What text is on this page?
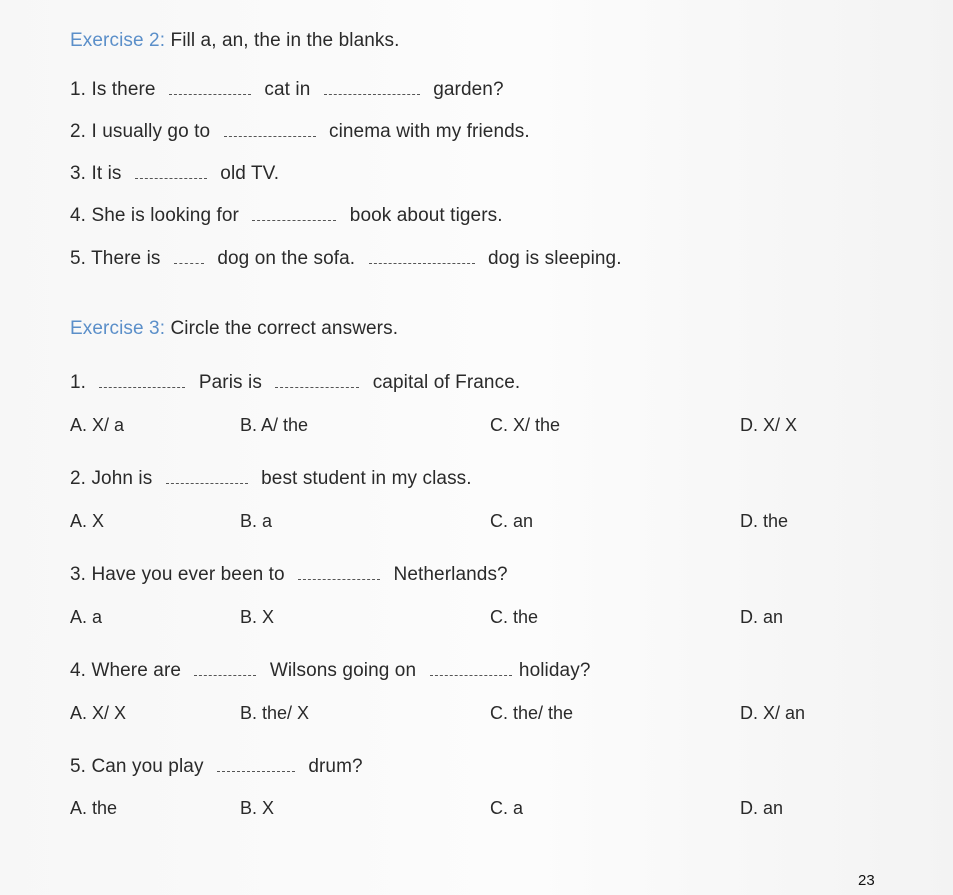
Exercise 2: Fill a, an, the in the blanks.
1. Is there	cat in	garden?
2. I usually go to	cinema with my friends.
3. It is	old TV.
4. She is looking for	book about tigers.
5. There is	dog on the sofa.	dog is sleeping.
Exercise 3: Circle the correct answers.
1.	Paris is	capital of France.
A. X/ a	B. A/ the	C. X/ the	D. X/ X
2. John is	best student in my class.
A. X	B. a	C. an	D. the
3. Have you ever been to	Netherlands?
A. a	B. X	C. the	D. an
4. Where are	Wilsons going on	holiday?
A. X/ X	B. the/ X	C. the/ the	D. X/ an
5. Can you play	drum?
A. the	B. X	C. a	D. an
23
